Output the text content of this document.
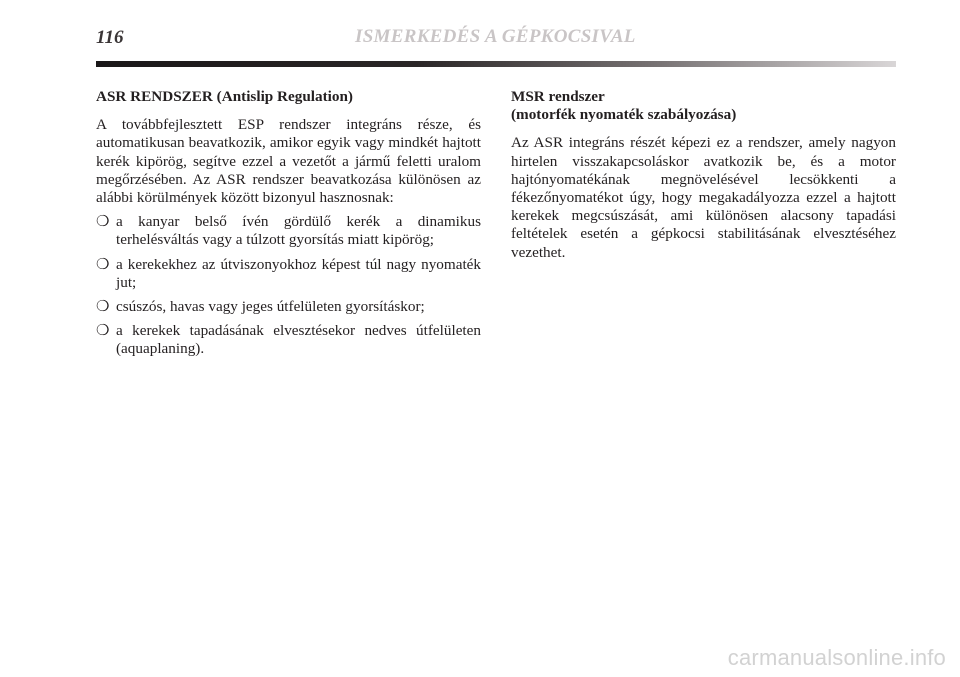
116	ISMERKEDÉS A GÉPKOCSIVAL
ASR RENDSZER (Antislip Regulation)

A továbbfejlesztett ESP rendszer integráns része, és automatikusan beavatkozik, amikor egyik vagy mindkét hajtott kerék kipörög, segítve ezzel a vezetőt a jármű feletti uralom megőrzésében. Az ASR rendszer beavatkozása különösen az alábbi körülmények között bizonyul hasznosnak:

❍ a kanyar belső ívén gördülő kerék a dinamikus terhelésváltás vagy a túlzott gyorsítás miatt kipörög;
❍ a kerekekhez az útviszonyokhoz képest túl nagy nyomaték jut;
❍ csúszós, havas vagy jeges útfelületen gyorsításkor;
❍ a kerekek tapadásának elvesztésekor nedves útfelületen (aquaplaning).
MSR rendszer
(motorfék nyomaték szabályozása)

Az ASR integráns részét képezi ez a rendszer, amely nagyon hirtelen visszakapcsoláskor avatkozik be, és a motor hajtónyomatékának megnövelésével lecsökkenti a fékezőnyomatékot úgy, hogy megakadályozza ezzel a hajtott kerekek megcsúszását, ami különösen alacsony tapadási feltételek esetén a gépkocsi stabilitásának elvesztéséhez vezethet.

carmanualsonline.info
